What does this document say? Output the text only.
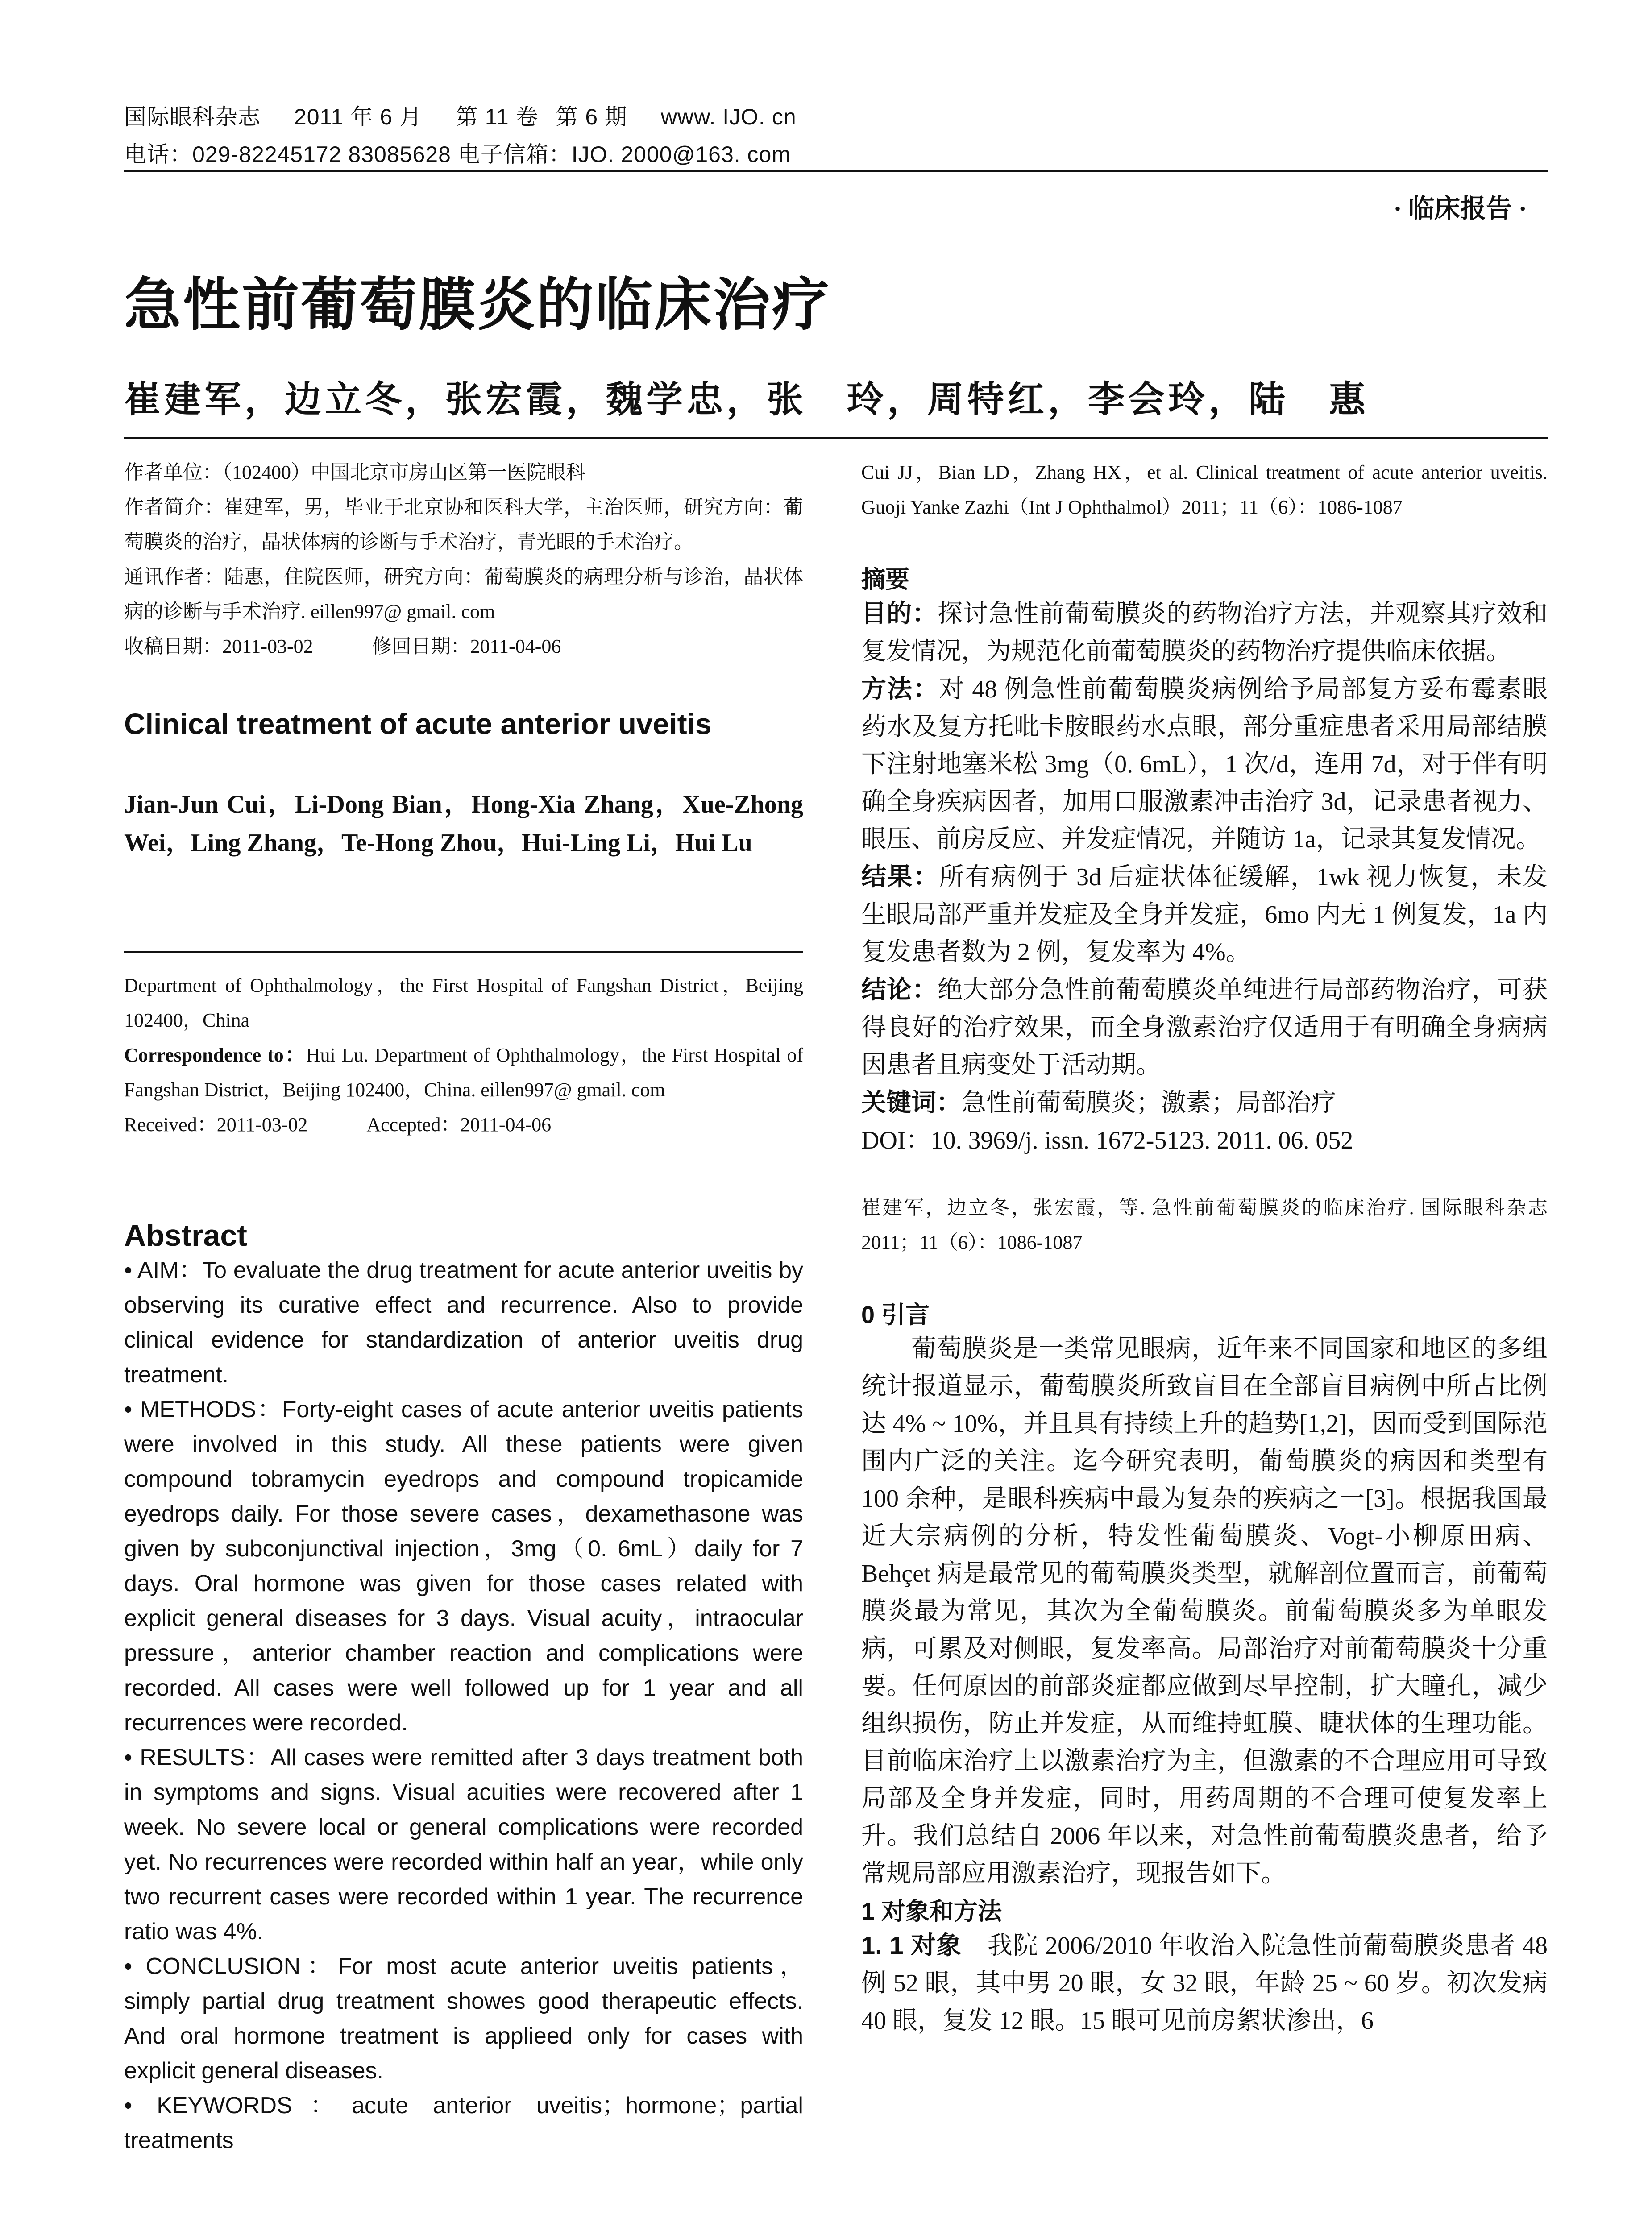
国际眼科杂志 2011 年 6 月 第 11 卷 第 6 期 www. IJO. cn
电话：029-82245172 83085628 电子信箱：IJO. 2000@163. com
· 临床报告 ·
急性前葡萄膜炎的临床治疗
崔建军，边立冬，张宏霞，魏学忠，张　玲，周特红，李会玲，陆　惠

作者单位：（102400）中国北京市房山区第一医院眼科

作者简介：崔建军，男，毕业于北京协和医科大学，主治医师，研究方向：葡萄膜炎的治疗，晶状体病的诊断与手术治疗，青光眼的手术治疗。

通讯作者：陆惠，住院医师，研究方向：葡萄膜炎的病理分析与诊治，晶状体病的诊断与手术治疗. eillen997@ gmail. com

收稿日期：2011-03-02　　　修回日期：2011-04-06

Clinical treatment of acute anterior uveitis

Jian-Jun Cui，Li-Dong Bian，Hong-Xia Zhang，Xue-Zhong Wei，Ling Zhang，Te-Hong Zhou，Hui-Ling Li，Hui Lu

Department of Ophthalmology，the First Hospital of Fangshan District，Beijing 102400，China

Correspondence to：Hui Lu. Department of Ophthalmology，the First Hospital of Fangshan District，Beijing 102400，China. eillen997@ gmail. com

Received：2011-03-02　　　Accepted：2011-04-06

Abstract

• AIM：To evaluate the drug treatment for acute anterior uveitis by observing its curative effect and recurrence. Also to provide clinical evidence for standardization of anterior uveitis drug treatment.

• METHODS：Forty-eight cases of acute anterior uveitis patients were involved in this study. All these patients were given compound tobramycin eyedrops and compound tropicamide eyedrops daily. For those severe cases，dexamethasone was given by subconjunctival injection，3mg（0. 6mL）daily for 7 days. Oral hormone was given for those cases related with explicit general diseases for 3 days. Visual acuity，intraocular pressure，anterior chamber reaction and complications were recorded. All cases were well followed up for 1 year and all recurrences were recorded.

• RESULTS：All cases were remitted after 3 days treatment both in symptoms and signs. Visual acuities were recovered after 1 week. No severe local or general complications were recorded yet. No recurrences were recorded within half an year，while only two recurrent cases were recorded within 1 year. The recurrence ratio was 4%.

• CONCLUSION：For most acute anterior uveitis patients，simply partial drug treatment showes good therapeutic effects. And oral hormone treatment is applieed only for cases with explicit general diseases.

• KEYWORDS：acute anterior uveitis；hormone；partial treatments

Cui JJ，Bian LD，Zhang HX，et al. Clinical treatment of acute anterior uveitis. Guoji Yanke Zazhi（Int J Ophthalmol）2011；11（6）：1086-1087

摘要

目的：探讨急性前葡萄膜炎的药物治疗方法，并观察其疗效和复发情况，为规范化前葡萄膜炎的药物治疗提供临床依据。

方法：对 48 例急性前葡萄膜炎病例给予局部复方妥布霉素眼药水及复方托吡卡胺眼药水点眼，部分重症患者采用局部结膜下注射地塞米松 3mg（0. 6mL），1 次/d，连用 7d，对于伴有明确全身疾病因者，加用口服激素冲击治疗 3d，记录患者视力、眼压、前房反应、并发症情况，并随访 1a，记录其复发情况。

结果：所有病例于 3d 后症状体征缓解，1wk 视力恢复，未发生眼局部严重并发症及全身并发症，6mo 内无 1 例复发，1a 内复发患者数为 2 例，复发率为 4%。

结论：绝大部分急性前葡萄膜炎单纯进行局部药物治疗，可获得良好的治疗效果，而全身激素治疗仅适用于有明确全身病病因患者且病变处于活动期。

关键词：急性前葡萄膜炎；激素；局部治疗

DOI：10. 3969/j. issn. 1672-5123. 2011. 06. 052

崔建军，边立冬，张宏霞，等. 急性前葡萄膜炎的临床治疗. 国际眼科杂志 2011；11（6）：1086-1087

0 引言

葡萄膜炎是一类常见眼病，近年来不同国家和地区的多组统计报道显示，葡萄膜炎所致盲目在全部盲目病例中所占比例达 4% ~ 10%，并且具有持续上升的趋势[1,2]，因而受到国际范围内广泛的关注。迄今研究表明，葡萄膜炎的病因和类型有 100 余种，是眼科疾病中最为复杂的疾病之一[3]。根据我国最近大宗病例的分析，特发性葡萄膜炎、Vogt-小柳原田病、Behçet 病是最常见的葡萄膜炎类型，就解剖位置而言，前葡萄膜炎最为常见，其次为全葡萄膜炎。前葡萄膜炎多为单眼发病，可累及对侧眼，复发率高。局部治疗对前葡萄膜炎十分重要。任何原因的前部炎症都应做到尽早控制，扩大瞳孔，减少组织损伤，防止并发症，从而维持虹膜、睫状体的生理功能。目前临床治疗上以激素治疗为主，但激素的不合理应用可导致局部及全身并发症，同时，用药周期的不合理可使复发率上升。我们总结自 2006 年以来，对急性前葡萄膜炎患者，给予常规局部应用激素治疗，现报告如下。

1 对象和方法

1. 1 对象　 我院 2006/2010 年收治入院急性前葡萄膜炎患者 48 例 52 眼，其中男 20 眼，女 32 眼，年龄 25 ~ 60 岁。初次发病 40 眼，复发 12 眼。15 眼可见前房絮状渗出，6
